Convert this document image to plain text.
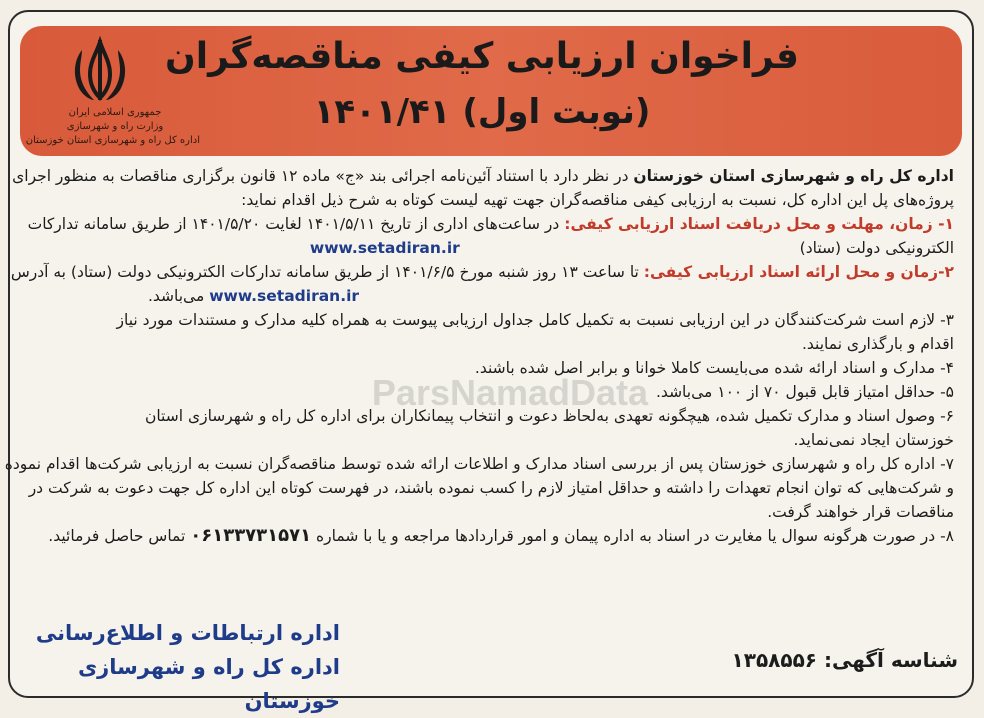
فراخوان ارزیابی کیفی مناقصه‌گران
(نوبت اول) ۱۴۰۱/۴۱
جمهوری اسلامی ایران
وزارت راه و شهرسازی
اداره کل راه و شهرسازی استان خوزستان
ParsNamadData
اداره کل راه و شهرسازی استان خوزستان در نظر دارد با استناد آئین‌نامه اجرائی بند «ج» ماده ۱۲ قانون برگزاری مناقصات به منظور اجرای
پروژه‌های پل این اداره کل، نسبت به ارزیابی کیفی مناقصه‌گران جهت تهیه لیست کوتاه به شرح ذیل اقدام نماید:
۱- زمان، مهلت و محل دریافت اسناد ارزیابی کیفی: در ساعت‌های اداری از تاریخ ۱۴۰۱/۵/۱۱ لغایت ۱۴۰۱/۵/۲۰ از طریق سامانه تدارکات
الکترونیکی دولت (ستاد)  www.setadiran.ir
۲-زمان و محل ارائه اسناد ارزیابی کیفی: تا ساعت ۱۳ روز شنبه مورخ ۱۴۰۱/۶/۵ از طریق سامانه تدارکات الکترونیکی دولت (ستاد) به آدرس
www.setadiran.ir می‌باشد.
۳- لازم است شرکت‌کنندگان در این ارزیابی نسبت به تکمیل کامل جداول ارزیابی پیوست به همراه کلیه مدارک و مستندات مورد نیاز
اقدام و بارگذاری نمایند.
۴- مدارک و اسناد ارائه شده می‌بایست کاملا خوانا و برابر اصل شده باشند.
۵- حداقل امتیاز قابل قبول ۷۰ از ۱۰۰ می‌باشد.
۶- وصول اسناد و مدارک تکمیل شده، هیچگونه تعهدی به‌لحاظ دعوت و انتخاب پیمانکاران برای اداره کل راه و شهرسازی استان
خوزستان ایجاد نمی‌نماید.
۷- اداره کل راه و شهرسازی خوزستان پس از بررسی اسناد مدارک و اطلاعات ارائه شده توسط مناقصه‌گران نسبت به ارزیابی شرکت‌ها اقدام نموده
و شرکت‌هایی که توان انجام تعهدات را داشته و حداقل امتیاز لازم را کسب نموده باشند، در فهرست کوتاه این اداره کل جهت دعوت به شرکت در
مناقصات قرار خواهند گرفت.
۸- در صورت هرگونه سوال یا مغایرت در اسناد به اداره پیمان و امور قراردادها مراجعه و یا با شماره ۰۶۱۳۳۷۳۱۵۷۱ تماس حاصل فرمائید.
اداره ارتباطات و اطلاع‌رسانی
اداره کل راه و شهرسازی خوزستان
شناسه آگهی: ۱۳۵۸۵۵۶
